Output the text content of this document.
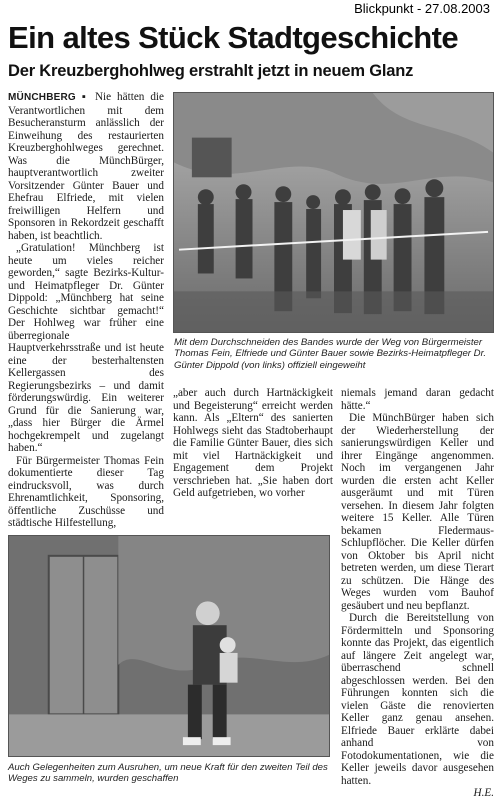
Blickpunkt - 27.08.2003
Ein altes Stück Stadtgeschichte
Der Kreuzberghohlweg erstrahlt jetzt in neuem Glanz

MÜNCHBERG ▪ Nie hätten die Verantwortlichen mit dem Besucheransturm anlässlich der Einweihung des restaurierten Kreuzberghohlweges gerechnet. Was die MünchBürger, hauptverantwortlich zweiter Vorsitzender Günter Bauer und Ehefrau Elfriede, mit vielen freiwilligen Helfern und Sponsoren in Rekordzeit geschafft haben, ist beachtlich.

„Gratulation! Münchberg ist heute um vieles reicher geworden,“ sagte Bezirks-Kultur- und Heimatpfleger Dr. Günter Dippold: „Münchberg hat seine Geschichte sichtbar gemacht!“ Der Hohlweg war früher eine überregionale Hauptverkehrsstraße und ist heute eine der besterhaltensten Kellergassen des Regierungsbezirks – und damit förderungswürdig. Ein weiterer Grund für die Sanierung war, „dass hier Bürger die Ärmel hochgekrempelt und zugelangt haben.“

Für Bürgermeister Thomas Fein dokumentierte dieser Tag eindrucksvoll, was durch Ehrenamtlichkeit, Sponsoring, öffentliche Zuschüsse und städtische Hilfestellung,

Mit dem Durchschneiden des Bandes wurde der Weg von Bürgermeister Thomas Fein, Elfriede und Günter Bauer sowie Bezirks-Heimatpfleger Dr. Günter Dippold (von links) offiziell eingeweiht

„aber auch durch Hartnäckigkeit und Begeisterung“ erreicht werden kann. Als „Eltern“ des sanierten Hohlwegs sieht das Stadtoberhaupt die Familie Günter Bauer, dies sich mit viel Hartnäckigkeit und Engagement dem Projekt verschrieben hat. „Sie haben dort Geld aufgetrieben, wo vorher

niemals jemand daran gedacht hätte.“

Die MünchBürger haben sich der Wiederherstellung der sanierungswürdigen Keller und ihrer Eingänge angenommen. Noch im vergangenen Jahr wurden die ersten acht Keller ausgeräumt und mit Türen versehen. In diesem Jahr folgten weitere 15 Keller. Alle Türen bekamen Fledermaus-Schlupflöcher. Die Keller dürfen von Oktober bis April nicht betreten werden, um diese Tierart zu schützen. Die Hänge des Weges wurden vom Bauhof gesäubert und neu bepflanzt.

Durch die Bereitstellung von Fördermitteln und Sponsoring konnte das Projekt, das eigentlich auf längere Zeit angelegt war, überraschend schnell abgeschlossen werden. Bei den Führungen konnten sich die vielen Gäste die renovierten Keller ganz genau ansehen. Elfriede Bauer erklärte dabei anhand von Fotodokumentationen, wie die Keller jeweils davor ausgesehen hatten.

H.E.

Auch Gelegenheiten zum Ausruhen, um neue Kraft für den zweiten Teil des Weges zu sammeln, wurden geschaffen
